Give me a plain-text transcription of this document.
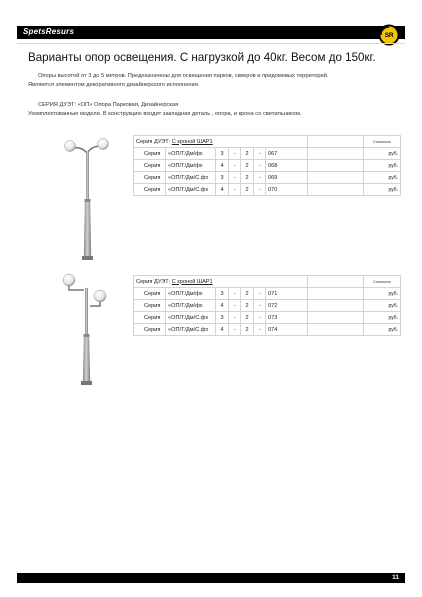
SpetsResurs	SR
Варианты опор освещения. С нагрузкой до 40кг. Весом до 150кг.
Опоры высотой от 3 до 5 метров. Предназначены для освещения парков, скверов и придомовых территорий.
Являются элементом декоративного дизайнерского исполнения.
СЕРИЯ ДУЭТ: «ОП» Опора Парковая, Дизайнерская
Укомплектованные модели. В конструкцию входит закладная деталь , опора, и крона со светильником.
Серия ДУЭТ: С кроной ШАР1								Стоимость
Серия	«ОП/Т/Дм/фх	3	-	2	-	067		руб.
Серия	«ОП/Т/Дм/фх	4	-	2	-	068		руб.
Серия	«ОП/Т/Дм/С.фх	3	-	2	-	069		руб.
Серия	«ОП/Т/Дм/С.фх	4	-	2	-	070		руб.
Серия ДУЭТ: С кроной ШАР1								Стоимость
Серия	«ОП/Т/Дм/фх	3	-	2	-	071		руб.
Серия	«ОП/Т/Дм/фх	4	-	2	-	072		руб.
Серия	«ОП/Т/Дм/С.фх	3	-	2	-	073		руб.
Серия	«ОП/Т/Дм/С.фх	4	-	2	-	074		руб.
11
